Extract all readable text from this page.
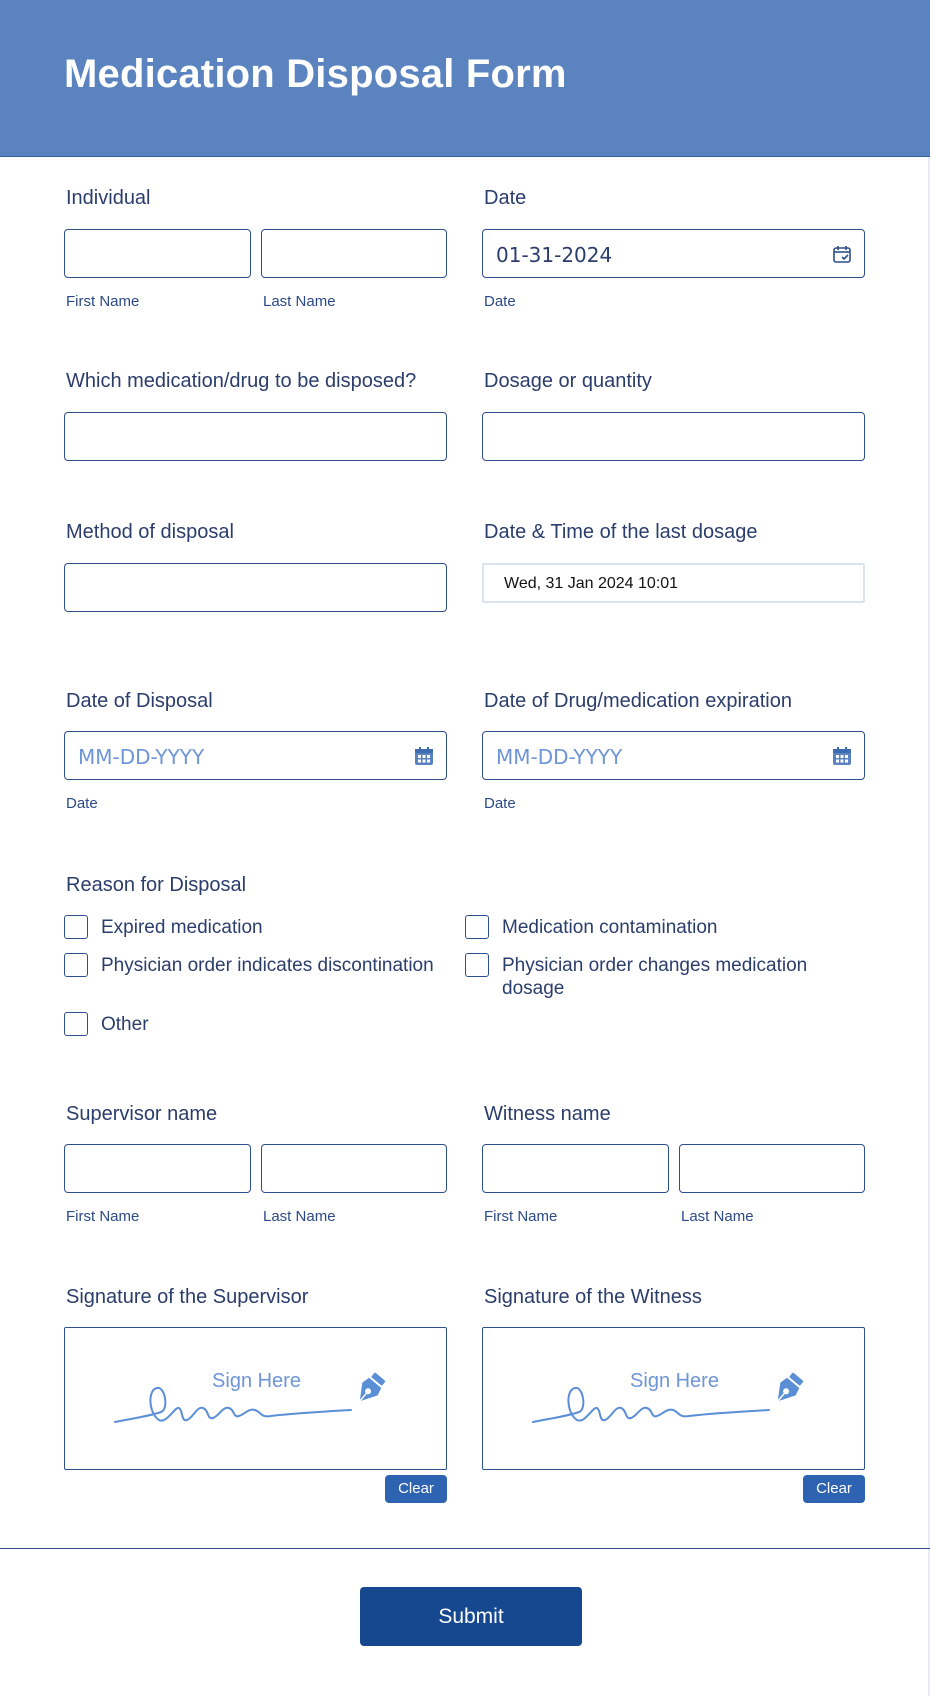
Medication Disposal Form
Individual
First Name	Last Name
Date
01-31-2024
Date
Which medication/drug to be disposed?	Dosage or quantity
Method of disposal	Date & Time of the last dosage
Wed, 31 Jan 2024 10:01
Date of Disposal
MM-DD-YYYY
Date
Date of Drug/medication expiration
MM-DD-YYYY
Date
Reason for Disposal
Expired medication	Medication contamination
Physician order indicates discontination	Physician order changes medication dosage
Other
Supervisor name
First Name	Last Name
Witness name
First Name	Last Name
Signature of the Supervisor
Sign Here
Clear
Signature of the Witness
Sign Here
Clear
Submit
